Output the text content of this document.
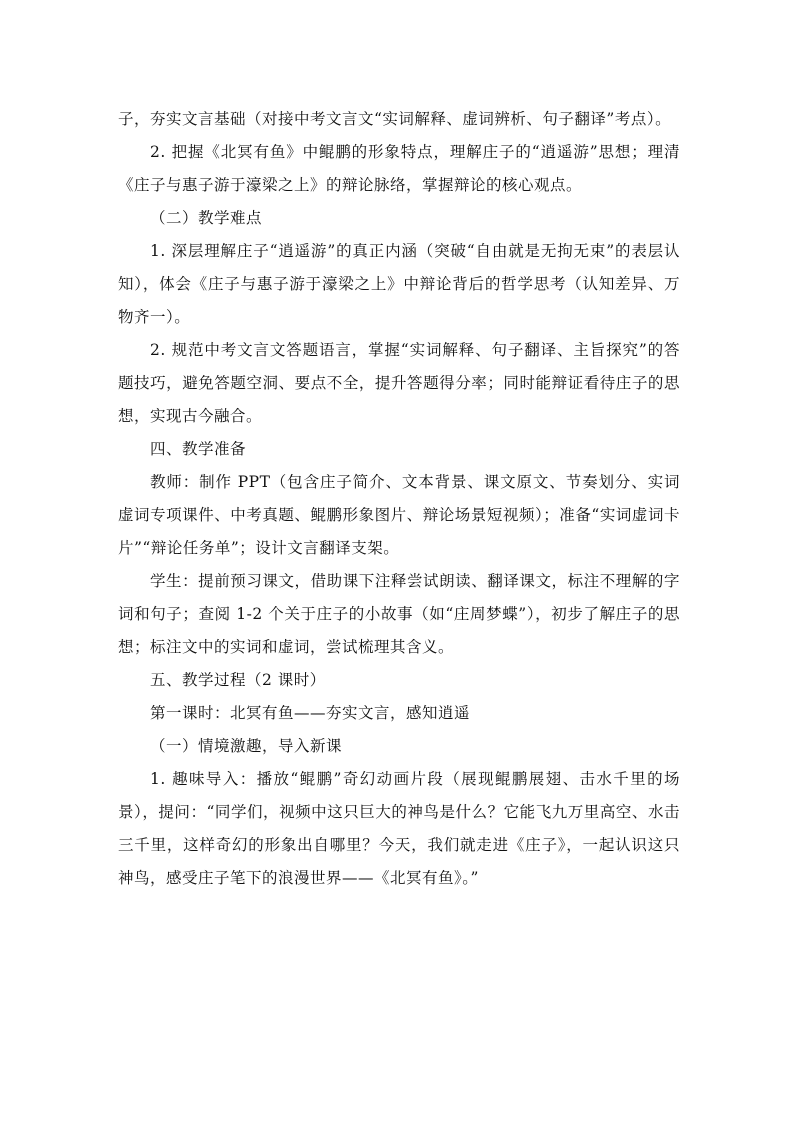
子，夯实文言基础（对接中考文言文“实词解释、虚词辨析、句子翻译”考点）。

2. 把握《北冥有鱼》中鲲鹏的形象特点，理解庄子的“逍遥游”思想；理清《庄子与惠子游于濠梁之上》的辩论脉络，掌握辩论的核心观点。

（二）教学难点

1. 深层理解庄子“逍遥游”的真正内涵（突破“自由就是无拘无束”的表层认知），体会《庄子与惠子游于濠梁之上》中辩论背后的哲学思考（认知差异、万物齐一）。

2. 规范中考文言文答题语言，掌握“实词解释、句子翻译、主旨探究”的答题技巧，避免答题空洞、要点不全，提升答题得分率；同时能辩证看待庄子的思想，实现古今融合。

四、教学准备

教师：制作 PPT（包含庄子简介、文本背景、课文原文、节奏划分、实词虚词专项课件、中考真题、鲲鹏形象图片、辩论场景短视频）；准备“实词虚词卡片”“辩论任务单”；设计文言翻译支架。

学生：提前预习课文，借助课下注释尝试朗读、翻译课文，标注不理解的字词和句子；查阅 1-2 个关于庄子的小故事（如“庄周梦蝶”），初步了解庄子的思想；标注文中的实词和虚词，尝试梳理其含义。

五、教学过程（2 课时）

第一课时：北冥有鱼——夯实文言，感知逍遥

（一）情境激趣，导入新课

1. 趣味导入：播放“鲲鹏”奇幻动画片段（展现鲲鹏展翅、击水千里的场景），提问：“同学们，视频中这只巨大的神鸟是什么？它能飞九万里高空、水击三千里，这样奇幻的形象出自哪里？今天，我们就走进《庄子》，一起认识这只神鸟，感受庄子笔下的浪漫世界——《北冥有鱼》。”
